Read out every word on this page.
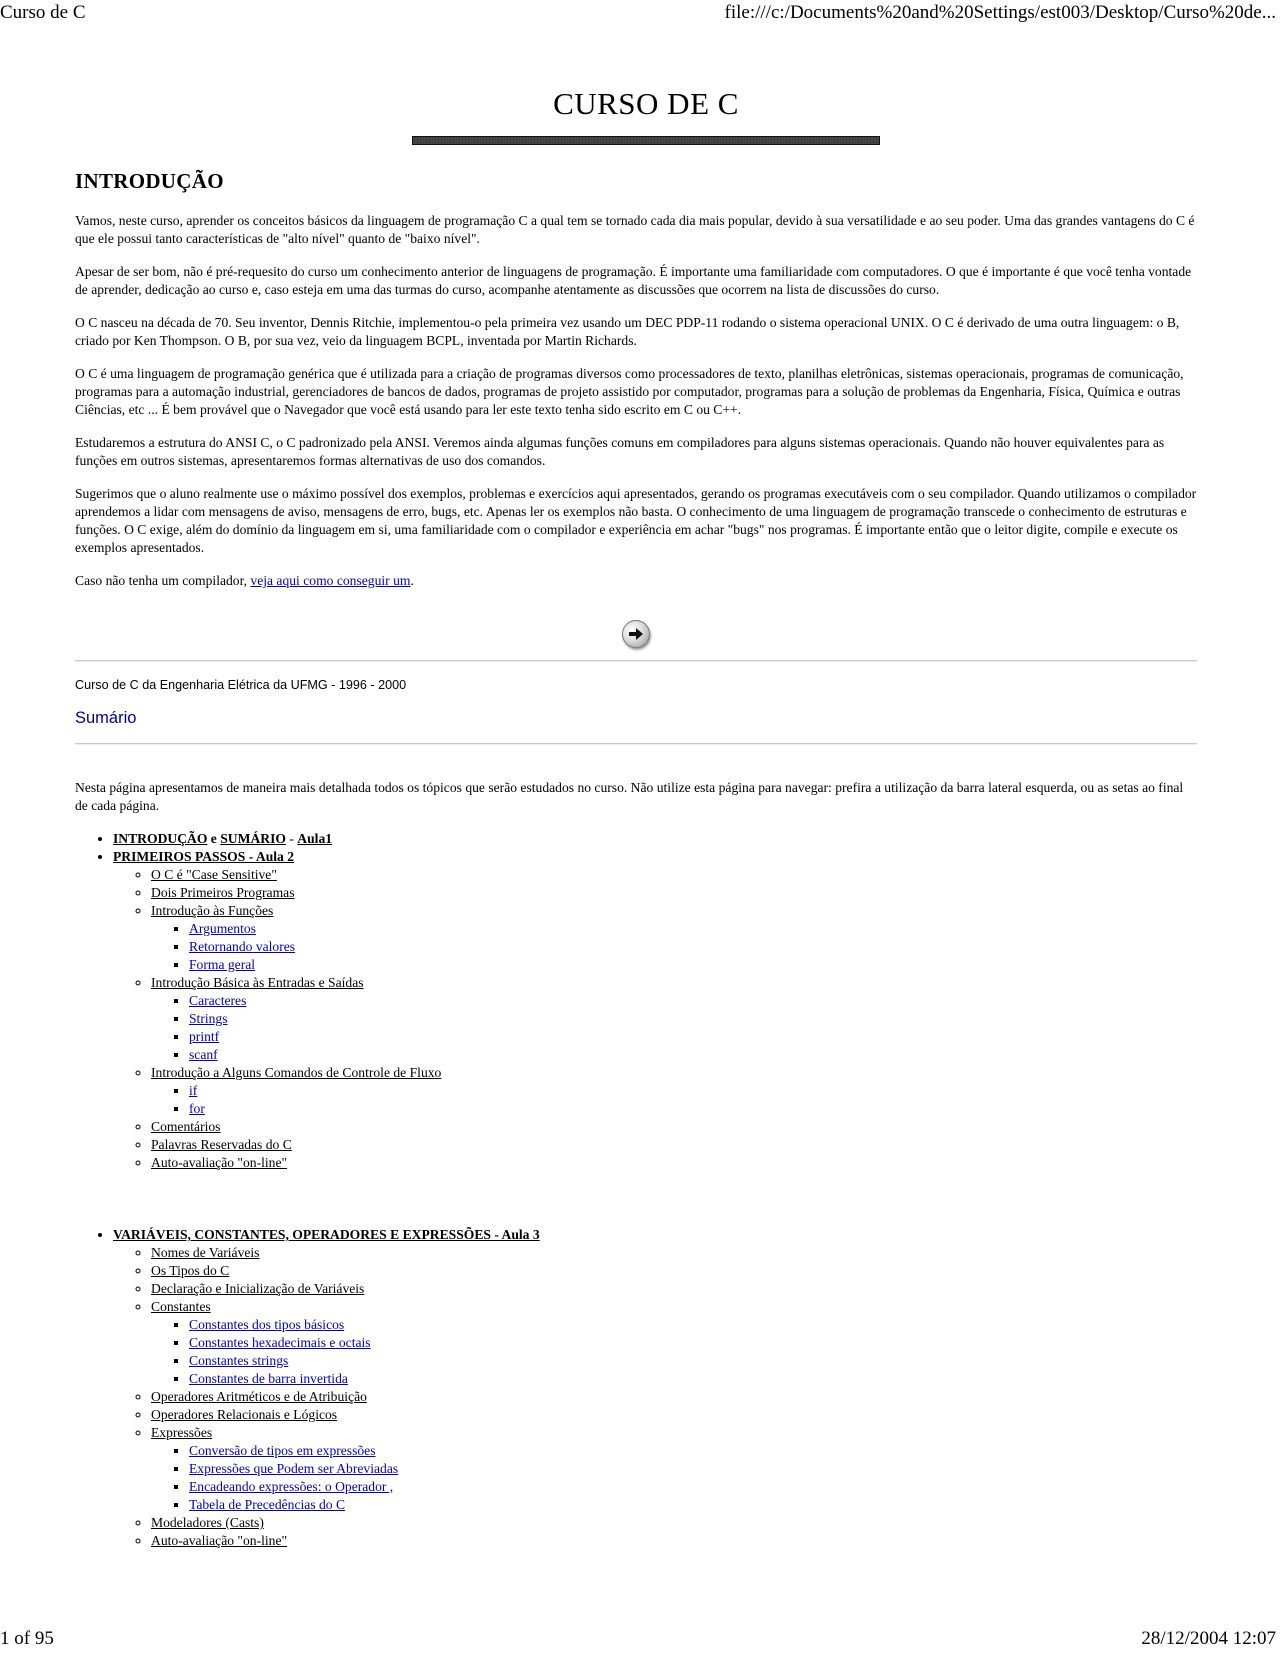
Curso de C	file:///c:/Documents%20and%20Settings/est003/Desktop/Curso%20de...
CURSO DE C
INTRODUÇÃO

Vamos, neste curso, aprender os conceitos básicos da linguagem de programação C a qual tem se tornado cada dia mais popular, devido à sua versatilidade e ao seu poder. Uma das grandes vantagens do C é que ele possui tanto características de "alto nível" quanto de "baixo nível".

Apesar de ser bom, não é pré-requesito do curso um conhecimento anterior de linguagens de programação. É importante uma familiaridade com computadores. O que é importante é que você tenha vontade de aprender, dedicação ao curso e, caso esteja em uma das turmas do curso, acompanhe atentamente as discussões que ocorrem na lista de discussões do curso.

O C nasceu na década de 70. Seu inventor, Dennis Ritchie, implementou-o pela primeira vez usando um DEC PDP-11 rodando o sistema operacional UNIX. O C é derivado de uma outra linguagem: o B, criado por Ken Thompson. O B, por sua vez, veio da linguagem BCPL, inventada por Martin Richards.

O C é uma linguagem de programação genérica que é utilizada para a criação de programas diversos como processadores de texto, planilhas eletrônicas, sistemas operacionais, programas de comunicação, programas para a automação industrial, gerenciadores de bancos de dados, programas de projeto assistido por computador, programas para a solução de problemas da Engenharia, Física, Química e outras Ciências, etc ... É bem provável que o Navegador que você está usando para ler este texto tenha sido escrito em C ou C++.

Estudaremos a estrutura do ANSI C, o C padronizado pela ANSI. Veremos ainda algumas funções comuns em compiladores para alguns sistemas operacionais. Quando não houver equivalentes para as funções em outros sistemas, apresentaremos formas alternativas de uso dos comandos.

Sugerimos que o aluno realmente use o máximo possível dos exemplos, problemas e exercícios aqui apresentados, gerando os programas executáveis com o seu compilador. Quando utilizamos o compilador aprendemos a lidar com mensagens de aviso, mensagens de erro, bugs, etc. Apenas ler os exemplos não basta. O conhecimento de uma linguagem de programação transcede o conhecimento de estruturas e funções. O C exige, além do domínio da linguagem em si, uma familiaridade com o compilador e experiência em achar "bugs" nos programas. É importante então que o leitor digite, compile e execute os exemplos apresentados.

Caso não tenha um compilador, veja aqui como conseguir um.

Curso de C da Engenharia Elétrica da UFMG - 1996 - 2000
Sumário

Nesta página apresentamos de maneira mais detalhada todos os tópicos que serão estudados no curso. Não utilize esta página para navegar: prefira a utilização da barra lateral esquerda, ou as setas ao final de cada página.

• INTRODUÇÃO e SUMÁRIO - Aula1
• PRIMEIROS PASSOS - Aula 2
◦ O C é "Case Sensitive"
◦ Dois Primeiros Programas
◦ Introdução às Funções
▪ Argumentos
▪ Retornando valores
▪ Forma geral
◦ Introdução Básica às Entradas e Saídas
▪ Caracteres
▪ Strings
▪ printf
▪ scanf
◦ Introdução a Alguns Comandos de Controle de Fluxo
▪ if
▪ for
◦ Comentários
◦ Palavras Reservadas do C
◦ Auto-avaliação "on-line"
• VARIÁVEIS, CONSTANTES, OPERADORES E EXPRESSÕES - Aula 3
◦ Nomes de Variáveis
◦ Os Tipos do C
◦ Declaração e Inicialização de Variáveis
◦ Constantes
▪ Constantes dos tipos básicos
▪ Constantes hexadecimais e octais
▪ Constantes strings
▪ Constantes de barra invertida
◦ Operadores Aritméticos e de Atribuição
◦ Operadores Relacionais e Lógicos
◦ Expressões
▪ Conversão de tipos em expressões
▪ Expressões que Podem ser Abreviadas
▪ Encadeando expressões: o Operador ,
▪ Tabela de Precedências do C
◦ Modeladores (Casts)
◦ Auto-avaliação "on-line"
1 of 95	28/12/2004 12:07
